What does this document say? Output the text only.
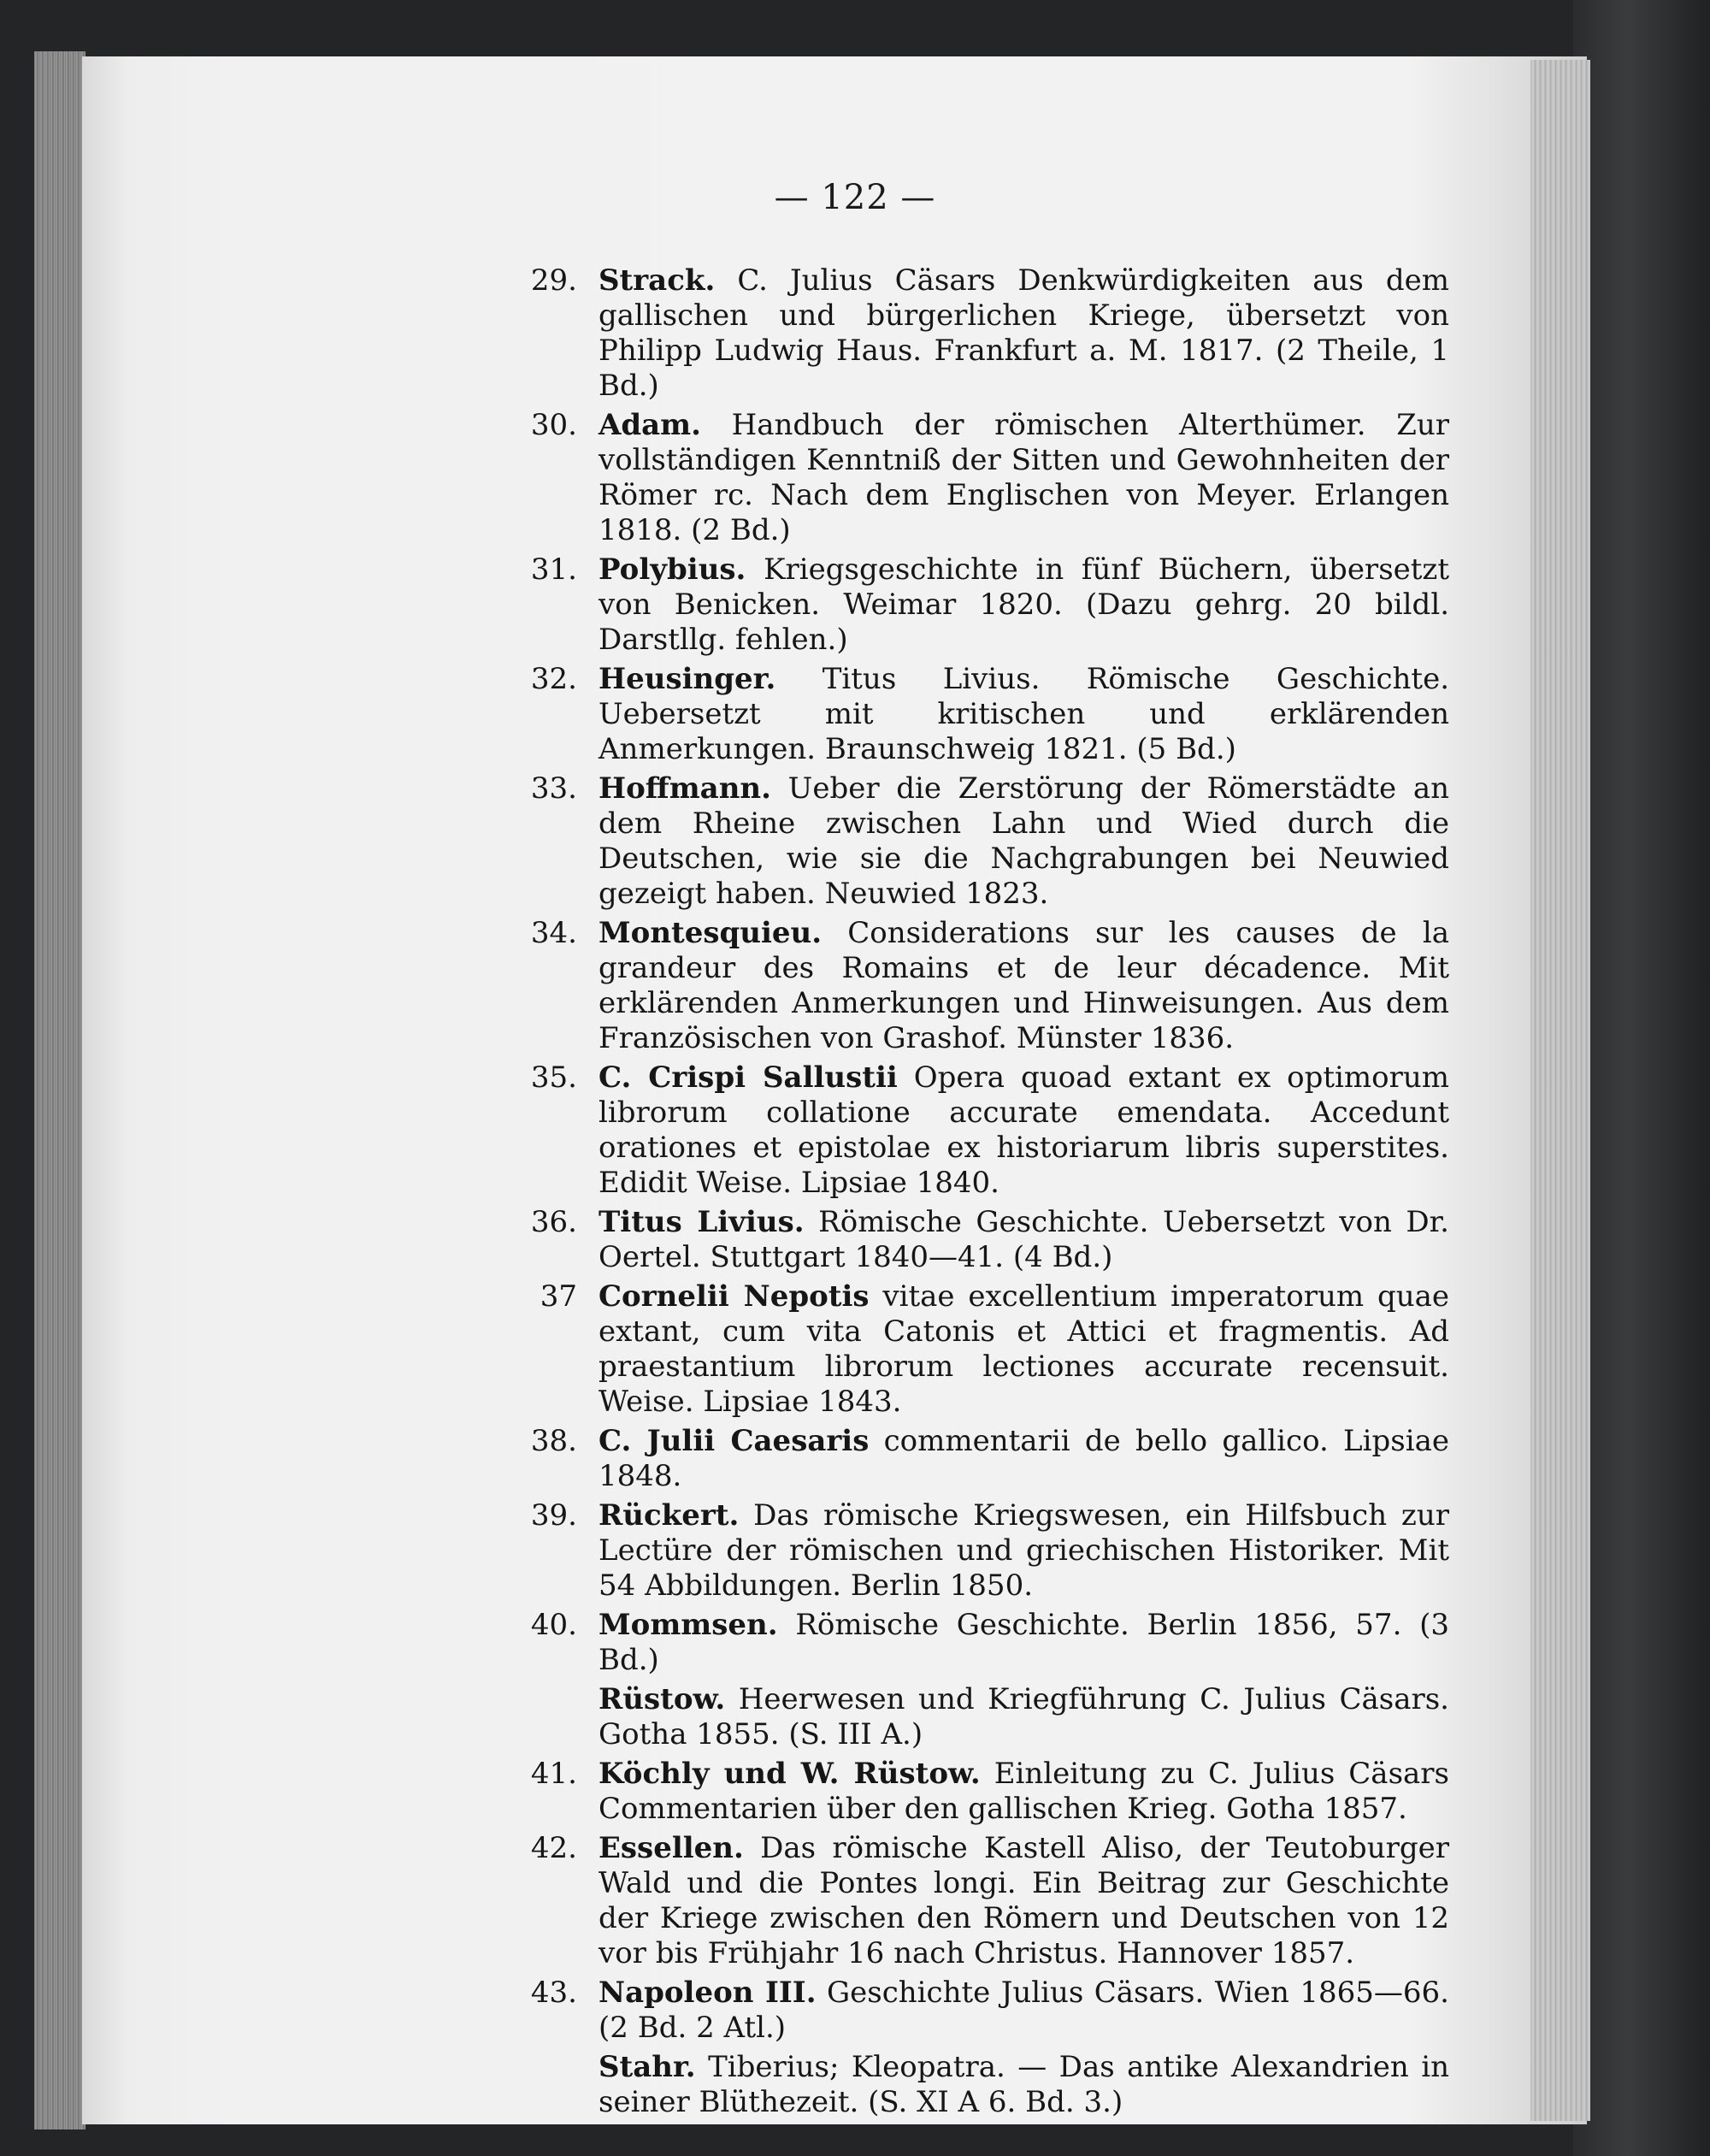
— 122 —
29. Strack. C. Julius Cäsars Denkwürdigkeiten aus dem gallischen und bürgerlichen Kriege, übersetzt von Philipp Ludwig Haus. Frankfurt a. M. 1817. (2 Theile, 1 Bd.)
30. Adam. Handbuch der römischen Alterthümer. Zur vollständigen Kenntniß der Sitten und Gewohnheiten der Römer rc. Nach dem Englischen von Meyer. Erlangen 1818. (2 Bd.)
31. Polybius. Kriegsgeschichte in fünf Büchern, übersetzt von Benicken. Weimar 1820. (Dazu gehrg. 20 bildl. Darstllg. fehlen.)
32. Heusinger. Titus Livius. Römische Geschichte. Uebersetzt mit kritischen und erklärenden Anmerkungen. Braunschweig 1821. (5 Bd.)
33. Hoffmann. Ueber die Zerstörung der Römerstädte an dem Rheine zwischen Lahn und Wied durch die Deutschen, wie sie die Nachgrabungen bei Neuwied gezeigt haben. Neuwied 1823.
34. Montesquieu. Considerations sur les causes de la grandeur des Romains et de leur décadence. Mit erklärenden Anmerkungen und Hinweisungen. Aus dem Französischen von Grashof. Münster 1836.
35. C. Crispi Sallustii Opera quoad extant ex optimorum librorum collatione accurate emendata. Accedunt orationes et epistolae ex historiarum libris superstites. Edidit Weise. Lipsiae 1840.
36. Titus Livius. Römische Geschichte. Uebersetzt von Dr. Oertel. Stuttgart 1840—41. (4 Bd.)
37 Cornelii Nepotis vitae excellentium imperatorum quae extant, cum vita Catonis et Attici et fragmentis. Ad praestantium librorum lectiones accurate recensuit. Weise. Lipsiae 1843.
38. C. Julii Caesaris commentarii de bello gallico. Lipsiae 1848.
39. Rückert. Das römische Kriegswesen, ein Hilfsbuch zur Lectüre der römischen und griechischen Historiker. Mit 54 Abbildungen. Berlin 1850.
40. Mommsen. Römische Geschichte. Berlin 1856, 57. (3 Bd.)
Rüstow. Heerwesen und Kriegführung C. Julius Cäsars. Gotha 1855. (S. III A.)
41. Köchly und W. Rüstow. Einleitung zu C. Julius Cäsars Commentarien über den gallischen Krieg. Gotha 1857.
42. Essellen. Das römische Kastell Aliso, der Teutoburger Wald und die Pontes longi. Ein Beitrag zur Geschichte der Kriege zwischen den Römern und Deutschen von 12 vor bis Frühjahr 16 nach Christus. Hannover 1857.
43. Napoleon III. Geschichte Julius Cäsars. Wien 1865—66. (2 Bd. 2 Atl.)
Stahr. Tiberius; Kleopatra. — Das antike Alexandrien in seiner Blüthezeit. (S. XI A 6. Bd. 3.)
